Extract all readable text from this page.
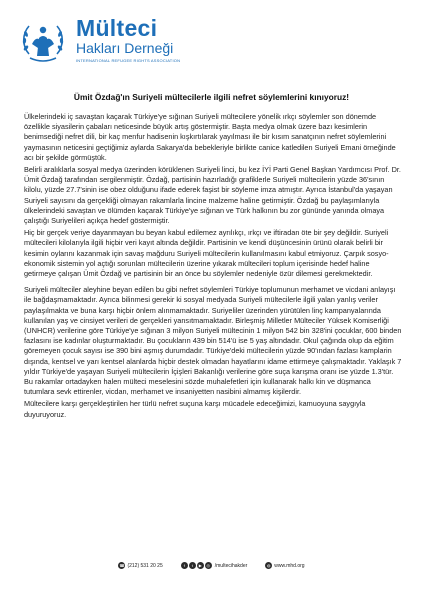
Mülteci
Hakları Derneği
INTERNATIONAL REFUGEE RIGHTS ASSOCIATION
Ümit Özdağ'ın Suriyeli mültecilerle ilgili nefret söylemlerini kınıyoruz!

Ülkelerindeki iç savaştan kaçarak Türkiye'ye sığınan Suriyeli mültecilere yönelik ırkçı söylemler son dönemde özellikle siyasilerin çabaları neticesinde büyük artış göstermiştir. Başta medya olmak üzere bazı kesimlerin benimsediği nefret dili, bir kaç menfur hadisenin kışkırtılarak yayılması ile bir kısım sanatçının nefret söylemlerini yaymasının neticesini geçtiğimiz aylarda Sakarya'da bebekleriyle birlikte canice katledilen Suriyeli Emani örneğinde acı bir şekilde görmüştük.

Belirli aralıklarla sosyal medya üzerinden körüklenen Suriyeli linci, bu kez İYİ Parti Genel Başkan Yardımcısı Prof. Dr. Ümit Özdağ tarafından sergilenmiştir. Özdağ, partisinin hazırladığı grafiklerle Suriyeli mültecilerin yüzde 36'sının kilolu, yüzde 27.7'sinin ise obez olduğunu ifade ederek faşist bir söyleme imza atmıştır. Ayrıca İstanbul'da yaşayan Suriyeli sayısını da gerçekliği olmayan rakamlarla lincine malzeme haline getirmiştir. Özdağ bu paylaşımlarıyla ülkelerindeki savaştan ve ölümden kaçarak Türkiye'ye sığınan ve Türk halkının bu zor gününde yanında olmaya çalıştığı Suriyelileri açıkça hedef göstermiştir.

Hiç bir gerçek veriye dayanmayan bu beyan kabul edilemez ayrılıkçı, ırkçı ve iftiradan öte bir şey değildir. Suriyeli mültecileri kilolarıyla ilgili hiçbir veri kayıt altında değildir. Partisinin ve kendi düşüncesinin ürünü olarak belirli bir kesimin oylarını kazanmak için savaş mağduru Suriyeli mültecilerin kullanılmasını kabul etmiyoruz. Çarpık sosyo-ekonomik sistemin yol açtığı sorunları mültecilerin üzerine yıkarak mültecileri toplum içerisinde hedef haline getirmeye çalışan Ümit Özdağ ve partisinin bir an önce bu söylemler nedeniyle özür dilemesi gerekmektedir.

Suriyeli mülteciler aleyhine beyan edilen bu gibi nefret söylemleri Türkiye toplumunun merhamet ve vicdani anlayışı ile bağdaşmamaktadır. Ayrıca bilinmesi gerekir ki sosyal medyada Suriyeli mültecilerle ilgili yalan yanlış veriler paylaşılmakta ve buna karşı hiçbir önlem alınmamaktadır. Suriyeliler üzerinden yürütülen linç kampanyalarında kullanılan yaş ve cinsiyet verileri de gerçekleri yansıtmamaktadır. Birleşmiş Milletler Mülteciler Yüksek Komiserliği (UNHCR) verilerine göre Türkiye'ye sığınan 3 milyon Suriyeli mültecinin 1 milyon 542 bin 328'ini çocuklar, 600 binden fazlasını ise kadınlar oluşturmaktadır. Bu çocukların 439 bin 514'ü ise 5 yaş altındadır. Okul çağında olup da eğitim göremeyen çocuk sayısı ise 390 bini aşmış durumdadır. Türkiye'deki mültecilerin yüzde 90'ından fazlası kamplarin dışında, kentsel ve yarı kentsel alanlarda hiçbir destek olmadan hayatlarını idame ettirmeye çalışmaktadır. Yaklaşık 7 yıldır Türkiye'de yaşayan Suriyeli mültecilerin İçişleri Bakanlığı verilerine göre suça karışma oranı ise yüzde 1.3'tür. Bu rakamlar ortadayken halen mülteci meselesini sözde muhalefetleri için kullanarak halkı kin ve düşmanca tutumlara sevk ettirenler, vicdan, merhamet ve insaniyetten nasibini almamış kişilerdir.

Mültecilere karşı gerçekleştirilen her türlü nefret suçuna karşı mücadele edeceğimizi, kamuoyuna saygıyla duyuruyoruz.

☎ (212) 531 20 25	f	t	▶	◎ /multecihakder	◍ www.mhd.org
